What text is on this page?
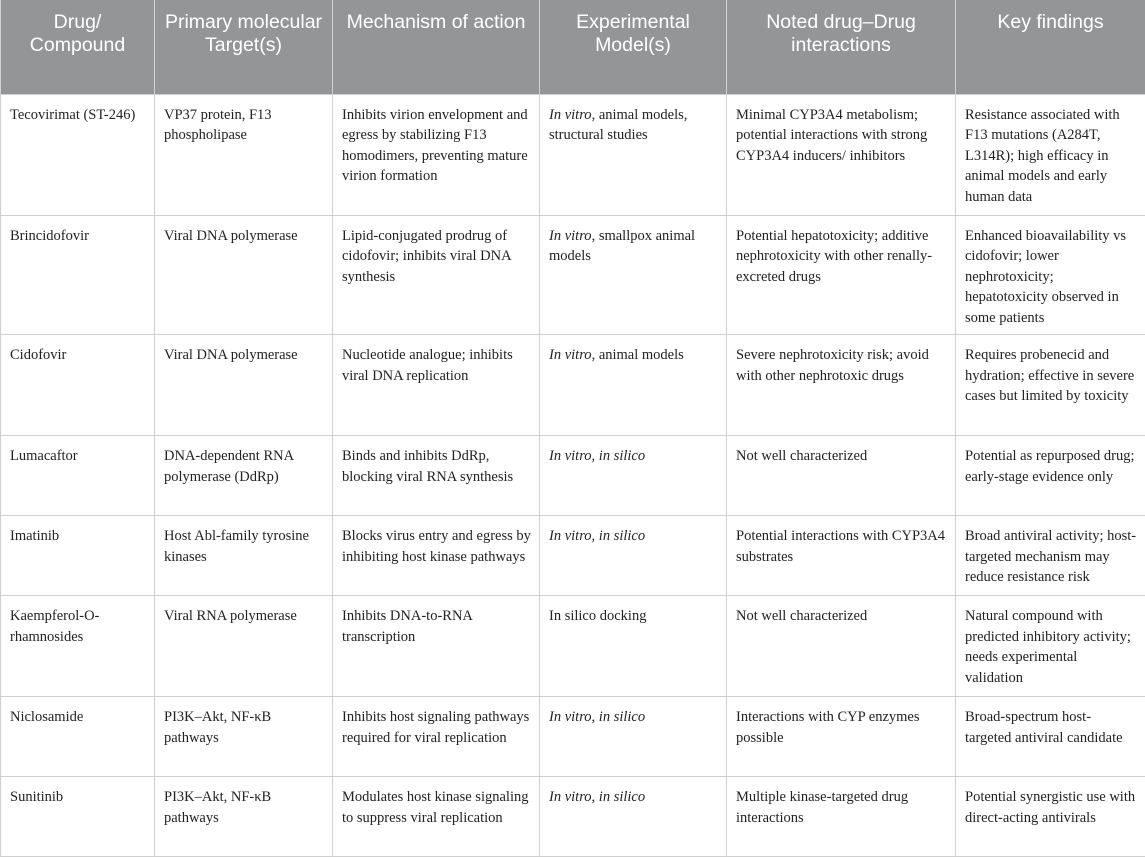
Drug/ Compound	Primary molecular Target(s)	Mechanism of action	Experimental Model(s)	Noted drug–Drug interactions	Key findings
Tecovirimat (ST-246)	VP37 protein, F13 phospholipase	Inhibits virion envelopment and egress by stabilizing F13 homodimers, preventing mature virion formation	In vitro, animal models, structural studies	Minimal CYP3A4 metabolism; potential interactions with strong CYP3A4 inducers/ inhibitors	Resistance associated with F13 mutations (A284T, L314R); high efficacy in animal models and early human data
Brincidofovir	Viral DNA polymerase	Lipid-conjugated prodrug of cidofovir; inhibits viral DNA synthesis	In vitro, smallpox animal models	Potential hepatotoxicity; additive nephrotoxicity with other renally-excreted drugs	Enhanced bioavailability vs cidofovir; lower nephrotoxicity; hepatotoxicity observed in some patients
Cidofovir	Viral DNA polymerase	Nucleotide analogue; inhibits viral DNA replication	In vitro, animal models	Severe nephrotoxicity risk; avoid with other nephrotoxic drugs	Requires probenecid and hydration; effective in severe cases but limited by toxicity
Lumacaftor	DNA-dependent RNA polymerase (DdRp)	Binds and inhibits DdRp, blocking viral RNA synthesis	In vitro, in silico	Not well characterized	Potential as repurposed drug; early-stage evidence only
Imatinib	Host Abl-family tyrosine kinases	Blocks virus entry and egress by inhibiting host kinase pathways	In vitro, in silico	Potential interactions with CYP3A4 substrates	Broad antiviral activity; host-targeted mechanism may reduce resistance risk
Kaempferol-O-rhamnosides	Viral RNA polymerase	Inhibits DNA-to-RNA transcription	In silico docking	Not well characterized	Natural compound with predicted inhibitory activity; needs experimental validation
Niclosamide	PI3K–Akt, NF-κB pathways	Inhibits host signaling pathways required for viral replication	In vitro, in silico	Interactions with CYP enzymes possible	Broad-spectrum host-targeted antiviral candidate
Sunitinib	PI3K–Akt, NF-κB pathways	Modulates host kinase signaling to suppress viral replication	In vitro, in silico	Multiple kinase-targeted drug interactions	Potential synergistic use with direct-acting antivirals
